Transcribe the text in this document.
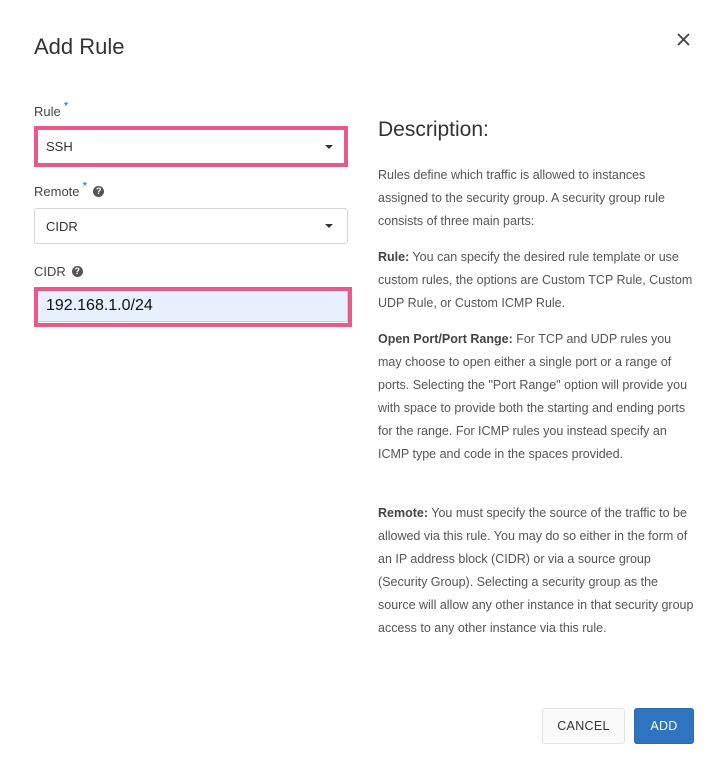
Add Rule
Rule *
SSH
Remote * ?
CIDR
CIDR ?
192.168.1.0/24
Description:
Rules define which traffic is allowed to instances assigned to the security group. A security group rule consists of three main parts:
Rule: You can specify the desired rule template or use custom rules, the options are Custom TCP Rule, Custom UDP Rule, or Custom ICMP Rule.
Open Port/Port Range: For TCP and UDP rules you may choose to open either a single port or a range of ports. Selecting the "Port Range" option will provide you with space to provide both the starting and ending ports for the range. For ICMP rules you instead specify an ICMP type and code in the spaces provided.
Remote: You must specify the source of the traffic to be allowed via this rule. You may do so either in the form of an IP address block (CIDR) or via a source group (Security Group). Selecting a security group as the source will allow any other instance in that security group access to any other instance via this rule.
CANCEL	ADD
